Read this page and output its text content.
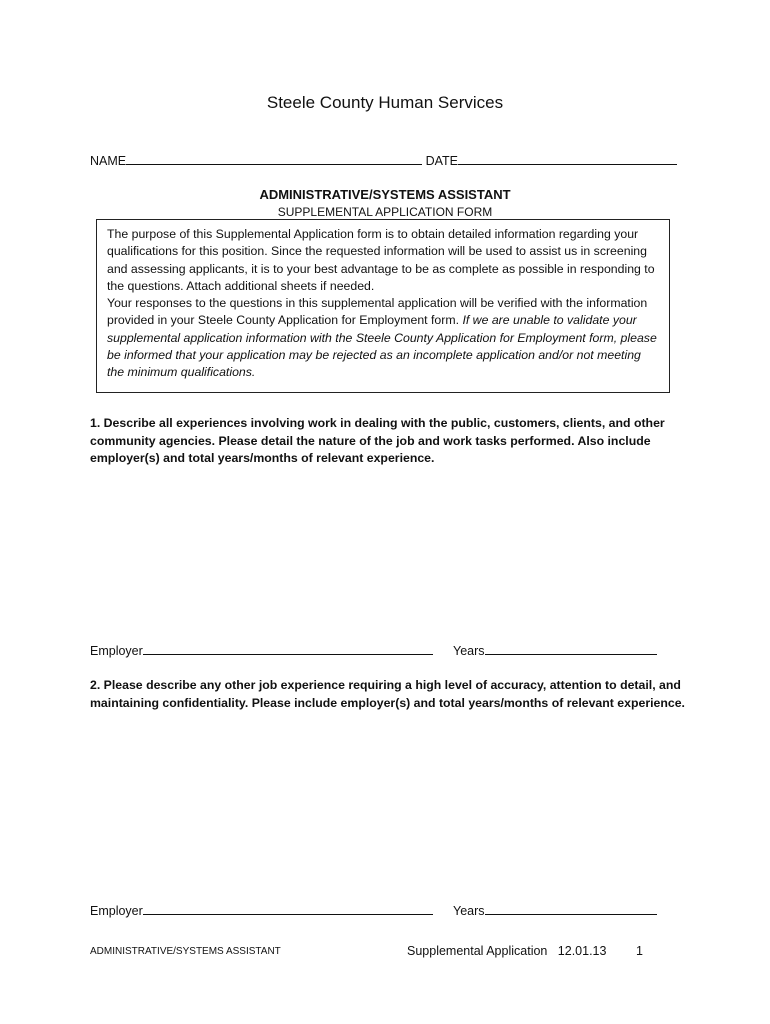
Steele County Human Services
NAME	DATE
ADMINISTRATIVE/SYSTEMS ASSISTANT
SUPPLEMENTAL APPLICATION FORM

The purpose of this Supplemental Application form is to obtain detailed information regarding your qualifications for this position. Since the requested information will be used to assist us in screening and assessing applicants, it is to your best advantage to be as complete as possible in responding to the questions. Attach additional sheets if needed.

Your responses to the questions in this supplemental application will be verified with the information provided in your Steele County Application for Employment form. If we are unable to validate your supplemental application information with the Steele County Application for Employment form, please be informed that your application may be rejected as an incomplete application and/or not meeting the minimum qualifications.

1. Describe all experiences involving work in dealing with the public, customers, clients, and other community agencies. Please detail the nature of the job and work tasks performed. Also include employer(s) and total years/months of relevant experience.
Employer	Years
2. Please describe any other job experience requiring a high level of accuracy, attention to detail, and maintaining confidentiality. Please include employer(s) and total years/months of relevant experience.
Employer	Years
ADMINISTRATIVE/SYSTEMS ASSISTANT	Supplemental Application   12.01.13 1
